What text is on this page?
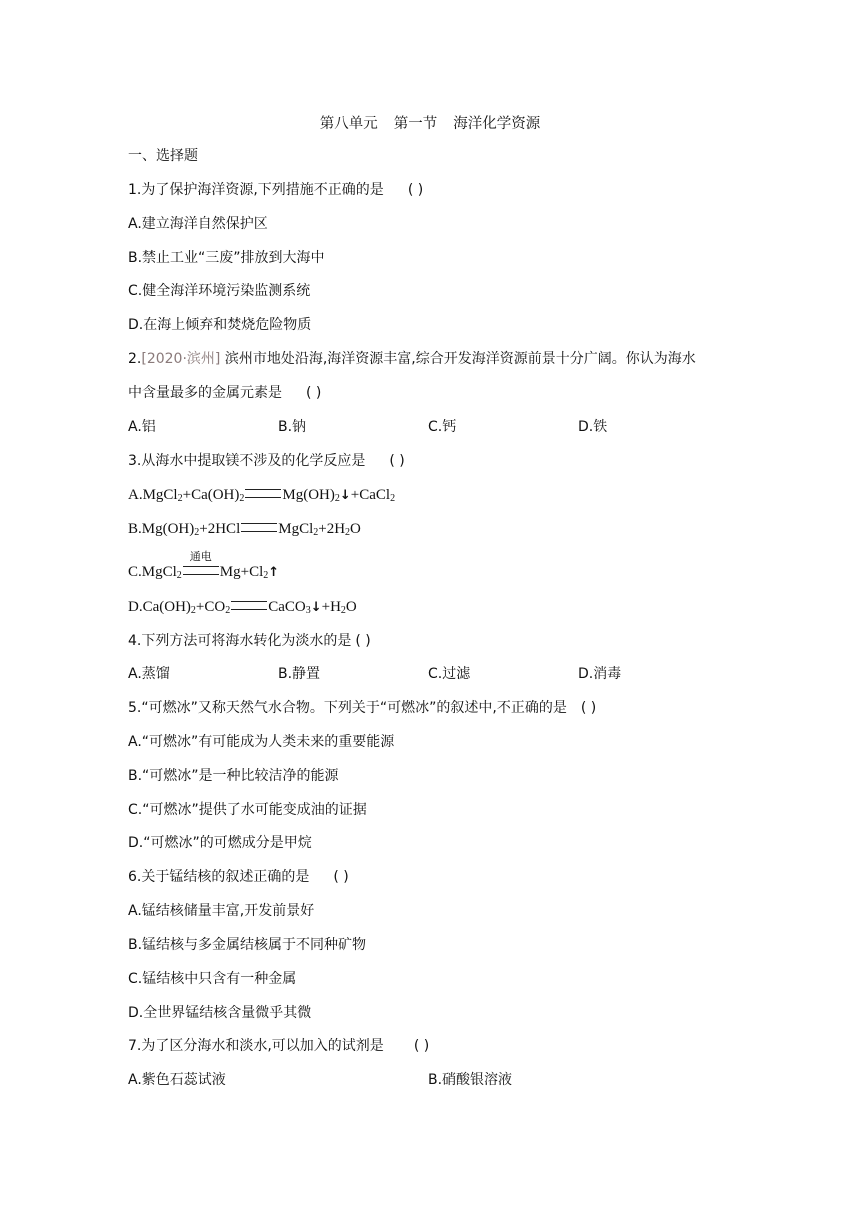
第八单元 第一节 海洋化学资源
一、选择题
1.为了保护海洋资源,下列措施不正确的是 ( )
A.建立海洋自然保护区
B.禁止工业“三废”排放到大海中
C.健全海洋环境污染监测系统
D.在海上倾弃和焚烧危险物质
2.[2020·滨州] 滨州市地处沿海,海洋资源丰富,综合开发海洋资源前景十分广阔。你认为海水
中含量最多的金属元素是 ( )
A.铝	B.钠	C.钙	D.铁
3.从海水中提取镁不涉及的化学反应是 ( )
$A.MgCl_2+Ca(OH)_2$	$Mg(OH)_2↓+CaCl_2$
$B.Mg(OH)_2+2HCl$	$MgCl_2+2H_2O$
C.MgCl$_2$
通电
$Mg+Cl_2↑$
$D.Ca(OH)_2+CO_2$	$CaCO_3↓+H_2O$
4.下列方法可将海水转化为淡水的是 ( )
A.蒸馏	B.静置	C.过滤	D.消毒
5.“可燃冰”又称天然气水合物。下列关于“可燃冰”的叙述中,不正确的是 ( )
A.“可燃冰”有可能成为人类未来的重要能源
B.“可燃冰”是一种比较洁净的能源
C.“可燃冰”提供了水可能变成油的证据
D.“可燃冰”的可燃成分是甲烷
6.关于锰结核的叙述正确的是 ( )
A.锰结核储量丰富,开发前景好
B.锰结核与多金属结核属于不同种矿物
C.锰结核中只含有一种金属
D.全世界锰结核含量微乎其微
7.为了区分海水和淡水,可以加入的试剂是 ( )
A.紫色石蕊试液	B.硝酸银溶液
